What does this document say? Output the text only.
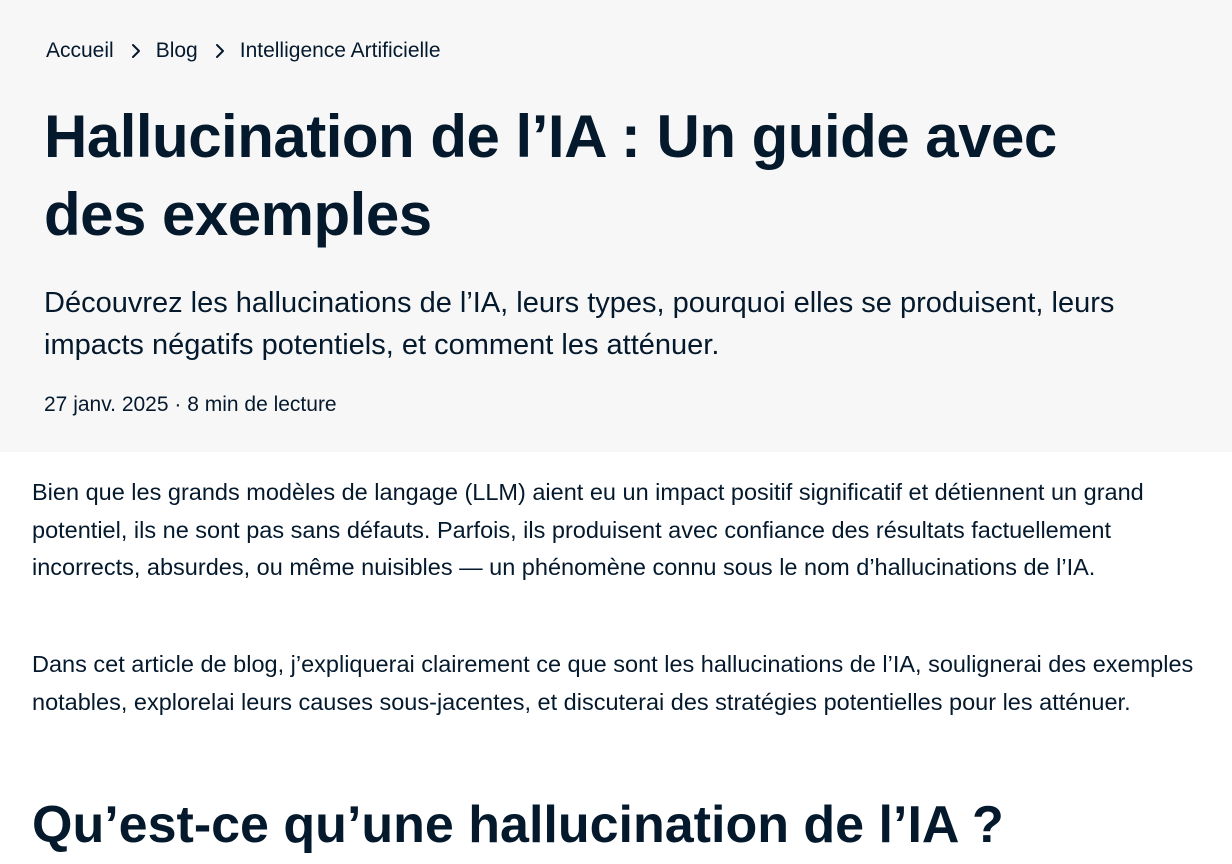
Accueil Blog Intelligence Artificielle
Hallucination de l’IA : Un guide avec des exemples

Découvrez les hallucinations de l’IA, leurs types, pourquoi elles se produisent, leurs impacts négatifs potentiels, et comment les atténuer.

27 janv. 2025 · 8 min de lecture

Bien que les grands modèles de langage (LLM) aient eu un impact positif significatif et détiennent un grand potentiel, ils ne sont pas sans défauts. Parfois, ils produisent avec confiance des résultats factuellement incorrects, absurdes, ou même nuisibles — un phénomène connu sous le nom d’hallucinations de l’IA.

Dans cet article de blog, j’expliquerai clairement ce que sont les hallucinations de l’IA, soulignerai des exemples notables, explorelai leurs causes sous-jacentes, et discuterai des stratégies potentielles pour les atténuer.

Qu’est-ce qu’une hallucination de l’IA ?
